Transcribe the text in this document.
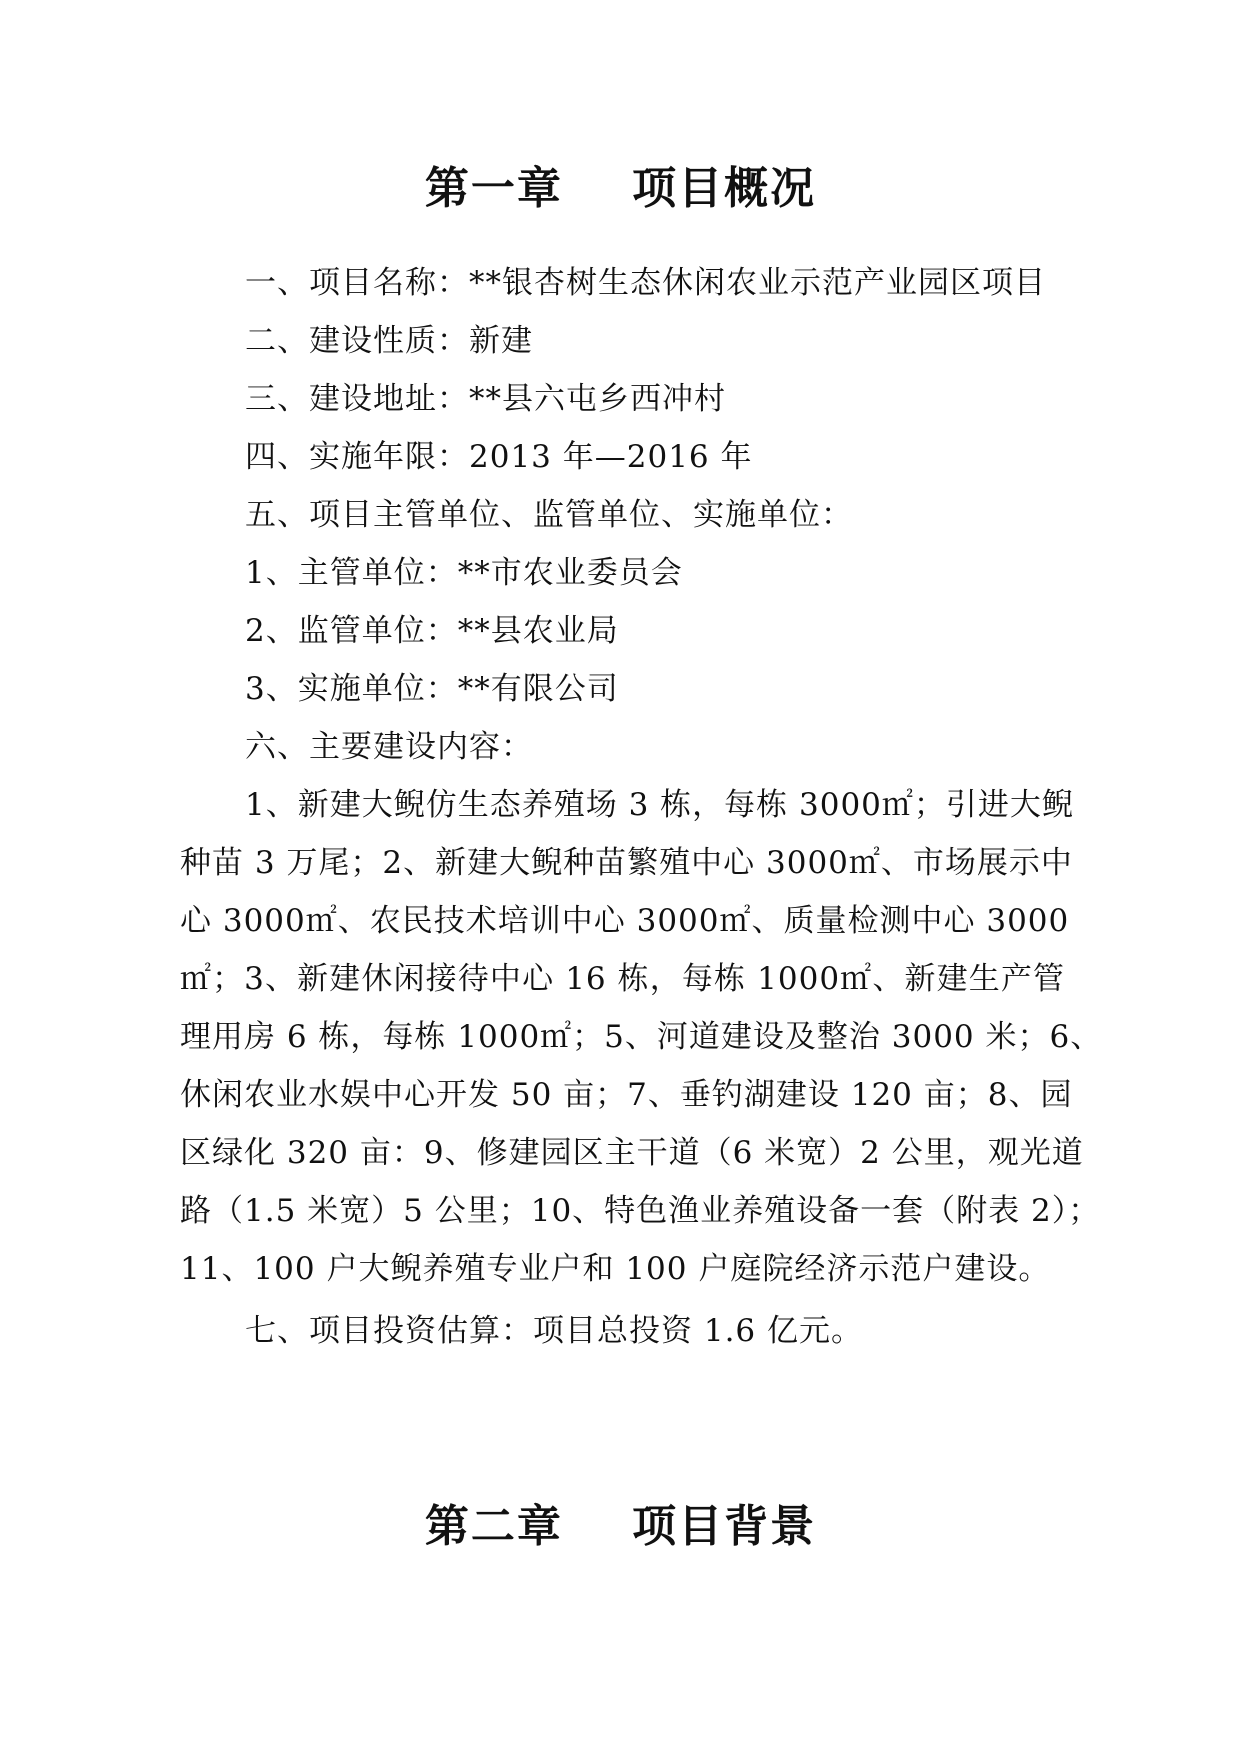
第一章    项目概况
一、项目名称：**银杏树生态休闲农业示范产业园区项目
二、建设性质：新建
三、建设地址：**县六屯乡西冲村
四、实施年限：2013 年—2016 年
五、项目主管单位、监管单位、实施单位：
1、主管单位：**市农业委员会
2、监管单位：**县农业局
3、实施单位：**有限公司
六、主要建设内容：
1、新建大鲵仿生态养殖场 3 栋，每栋 3000㎡；引进大鲵
种苗 3 万尾；2、新建大鲵种苗繁殖中心 3000㎡、市场展示中
心 3000㎡、农民技术培训中心 3000㎡、质量检测中心 3000
㎡；3、新建休闲接待中心 16 栋，每栋 1000㎡、新建生产管
理用房 6 栋，每栋 1000㎡；5、河道建设及整治 3000 米；6、
休闲农业水娱中心开发 50 亩；7、垂钓湖建设 120 亩；8、园
区绿化 320 亩：9、修建园区主干道（6 米宽）2 公里，观光道
路（1.5 米宽）5 公里；10、特色渔业养殖设备一套（附表 2）；
11、100 户大鲵养殖专业户和 100 户庭院经济示范户建设。
七、项目投资估算：项目总投资 1.6 亿元。
第二章    项目背景
